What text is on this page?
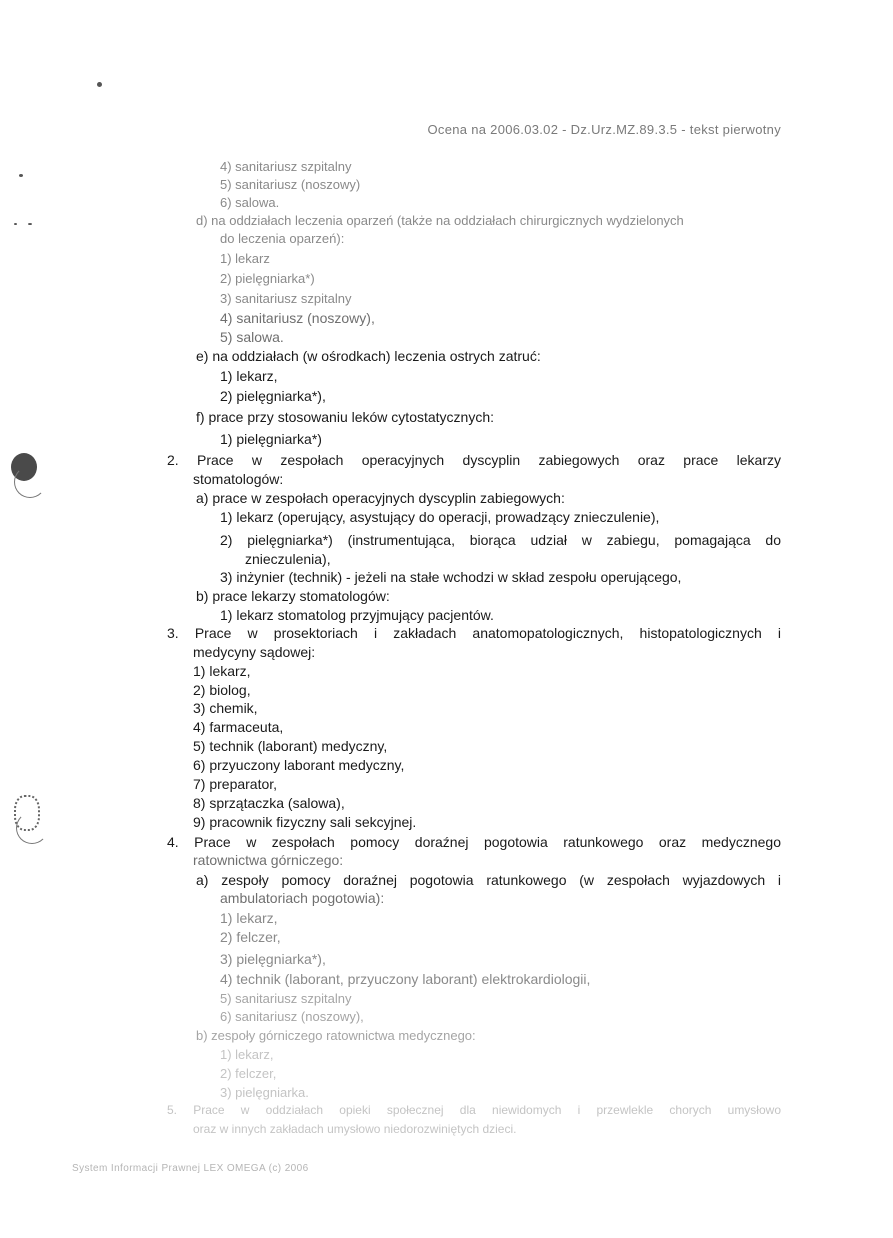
Ocena na 2006.03.02 - Dz.Urz.MZ.89.3.5 - tekst pierwotny
4) sanitariusz szpitalny
5) sanitariusz (noszowy)
6) salowa.
d) na oddziałach leczenia oparzeń (także na oddziałach chirurgicznych wydzielonych
do leczenia oparzeń):
1) lekarz
2) pielęgniarka*)
3) sanitariusz szpitalny
4) sanitariusz (noszowy),
5) salowa.
e) na oddziałach (w ośrodkach) leczenia ostrych zatruć:
1) lekarz,
2) pielęgniarka*),
f) prace przy stosowaniu leków cytostatycznych:
1) pielęgniarka*)
2. Prace w zespołach operacyjnych dyscyplin zabiegowych oraz prace lekarzy
stomatologów:
a) prace w zespołach operacyjnych dyscyplin zabiegowych:
1) lekarz (operujący, asystujący do operacji, prowadzący znieczulenie),
2) pielęgniarka*) (instrumentująca, biorąca udział w zabiegu, pomagająca do
znieczulenia),
3) inżynier (technik) - jeżeli na stałe wchodzi w skład zespołu operującego,
b) prace lekarzy stomatologów:
1) lekarz stomatolog przyjmujący pacjentów.
3. Prace w prosektoriach i zakładach anatomopatologicznych, histopatologicznych i
medycyny sądowej:
1) lekarz,
2) biolog,
3) chemik,
4) farmaceuta,
5) technik (laborant) medyczny,
6) przyuczony laborant medyczny,
7) preparator,
8) sprzątaczka (salowa),
9) pracownik fizyczny sali sekcyjnej.
4. Prace w zespołach pomocy doraźnej pogotowia ratunkowego oraz medycznego
ratownictwa górniczego:
a) zespoły pomocy doraźnej pogotowia ratunkowego (w zespołach wyjazdowych i
ambulatoriach pogotowia):
1) lekarz,
2) felczer,
3) pielęgniarka*),
4) technik (laborant, przyuczony laborant) elektrokardiologii,
5) sanitariusz szpitalny
6) sanitariusz (noszowy),
b) zespoły górniczego ratownictwa medycznego:
1) lekarz,
2) felczer,
3) pielęgniarka.
5. Prace w oddziałach opieki społecznej dla niewidomych i przewlekle chorych umysłowo
oraz w innych zakładach umysłowo niedorozwiniętych dzieci.
System Informacji Prawnej LEX OMEGA (c) 2006
